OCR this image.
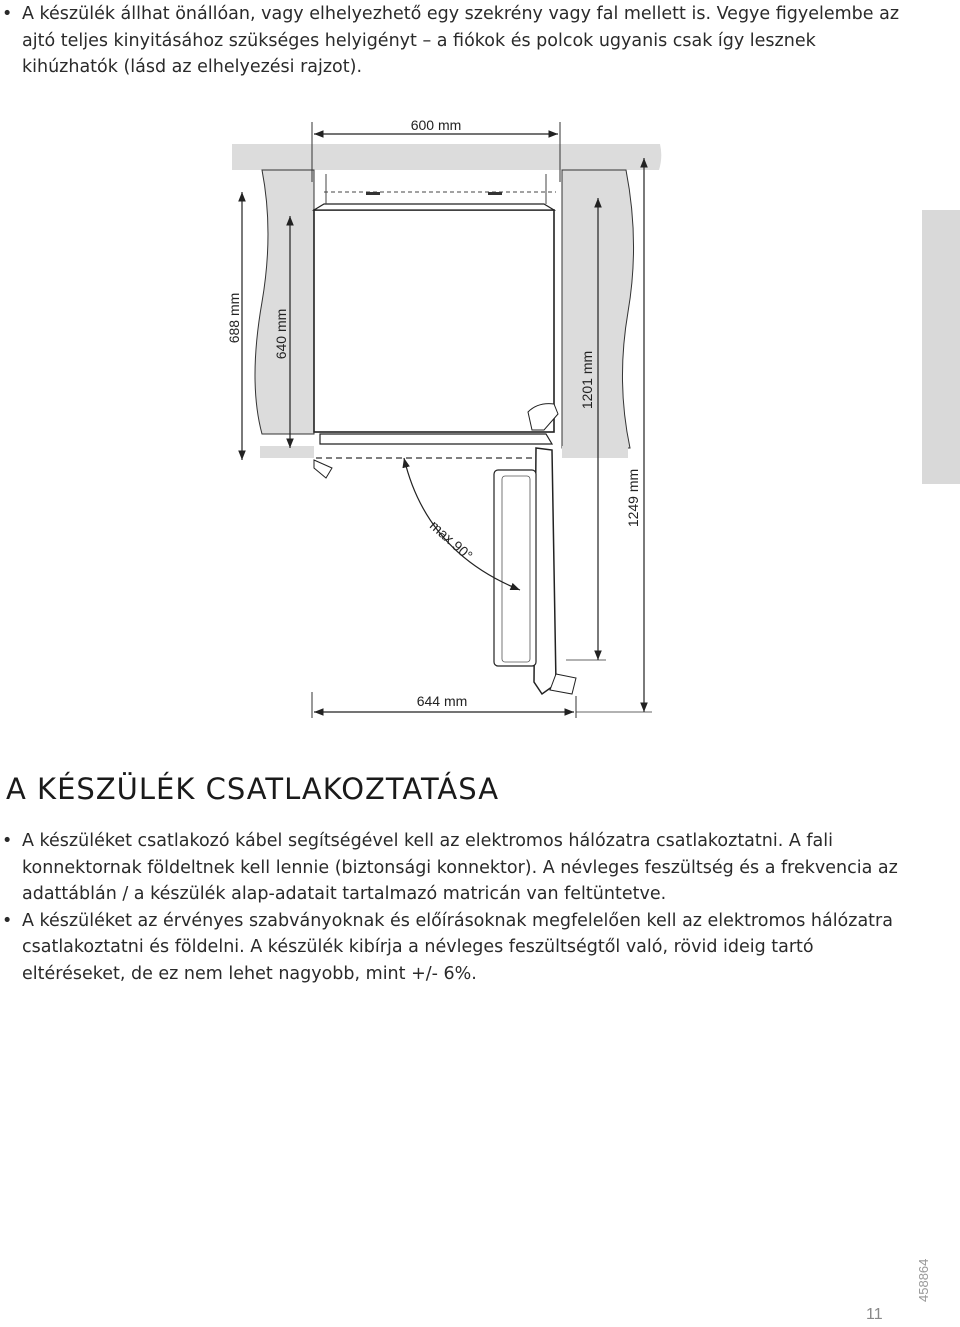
• A készülék állhat önállóan, vagy elhelyezhető egy szekrény vagy fal mellett is. Vegye figyelembe az ajtó teljes kinyitásához szükséges helyigényt – a fiókok és polcok ugyanis csak így lesznek kihúzhatók (lásd az elhelyezési rajzot).
600 mm
688 mm 640 mm
1201 mm
1249 mm
max 90°
644 mm
A KÉSZÜLÉK CSATLAKOZTATÁSA
• A készüléket csatlakozó kábel segítségével kell az elektromos hálózatra csatlakoztatni. A fali konnektornak földeltnek kell lennie (biztonsági konnektor). A névleges feszültség és a frekvencia az adattáblán / a készülék alap-adatait tartalmazó matricán van feltüntetve.
• A készüléket az érvényes szabványoknak és előírásoknak megfelelően kell az elektromos hálózatra csatlakoztatni és földelni. A készülék kibírja a névleges feszültségtől való, rövid ideig tartó eltéréseket, de ez nem lehet nagyobb, mint +/- 6%.
11
458864
